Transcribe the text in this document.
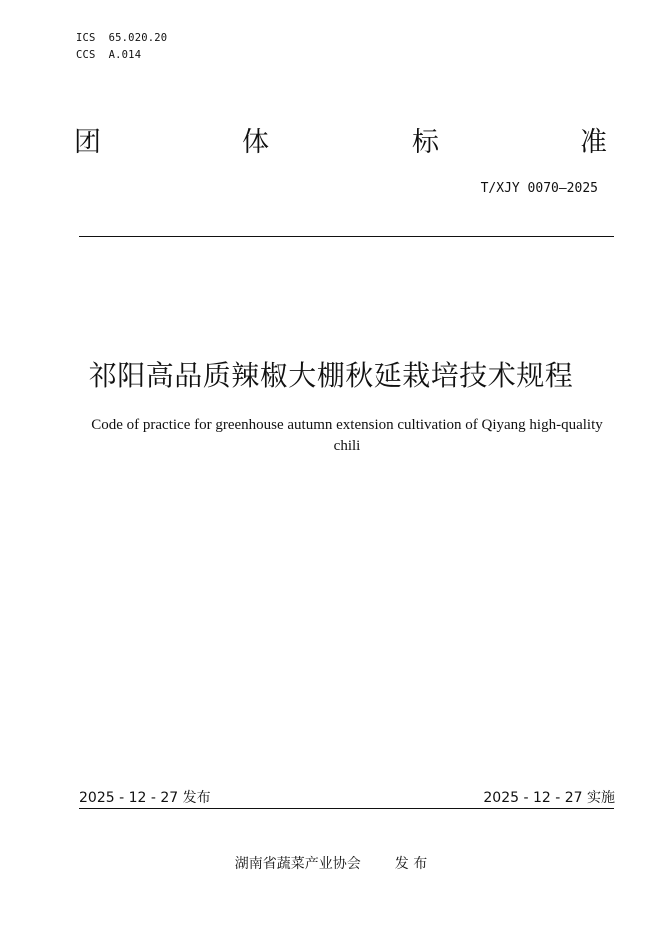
ICS  65.020.20
CCS  A.014
团	体	标	准
T/XJY 0070—2025
祁阳高品质辣椒大棚秋延栽培技术规程
Code of practice for greenhouse autumn extension cultivation of Qiyang high-quality chili
2025 - 12 - 27 发布	2025 - 12 - 27 实施
湖南省蔬菜产业协会 发 布
